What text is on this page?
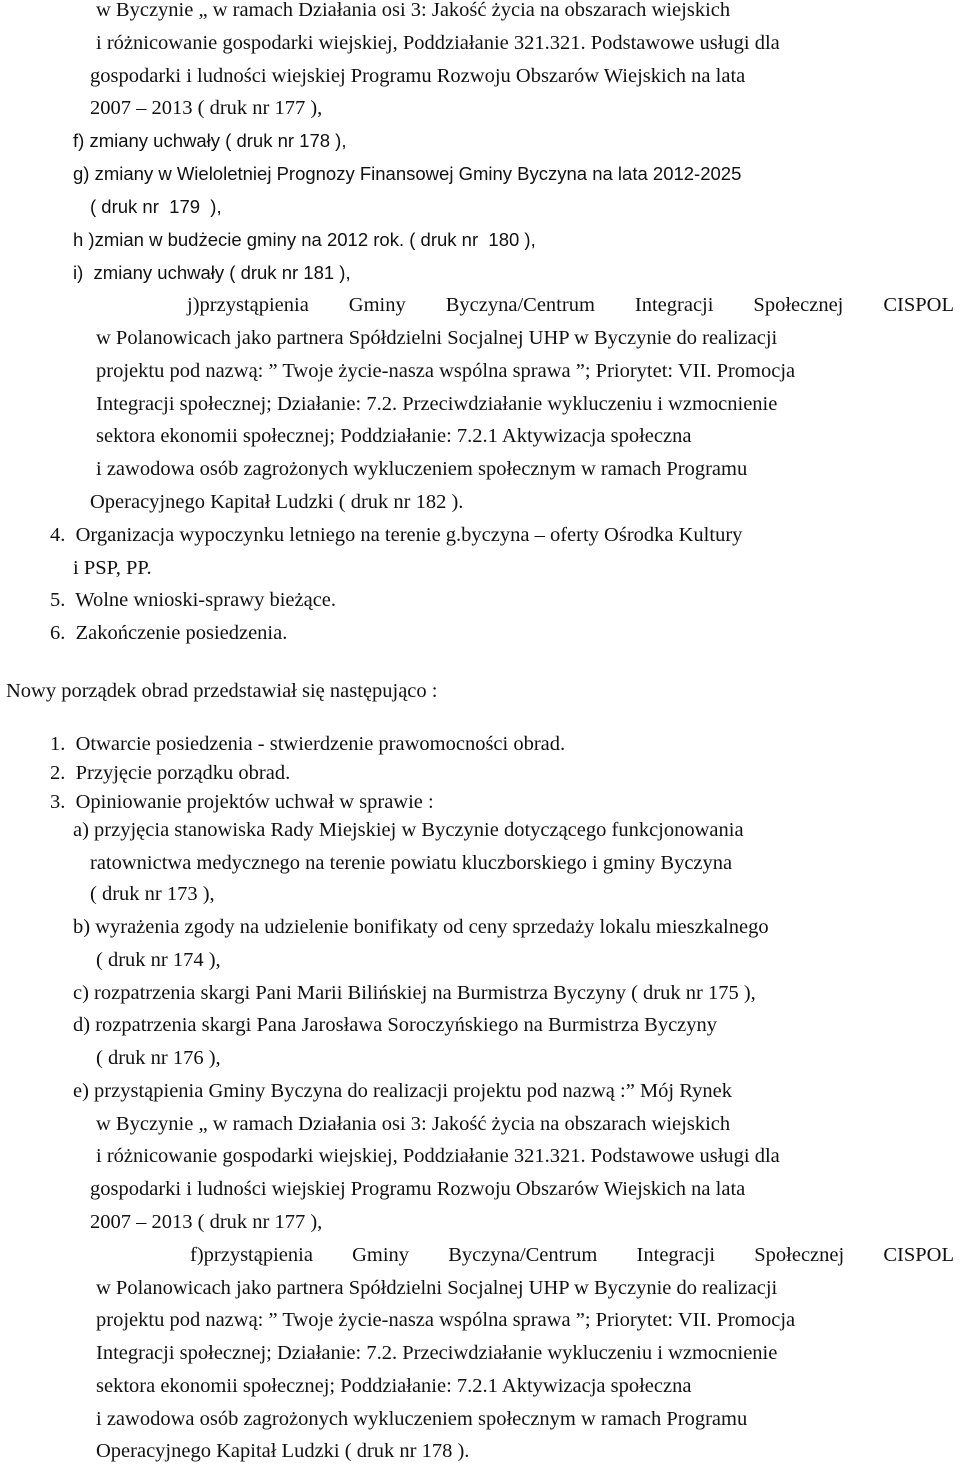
w Byczynie „ w ramach Działania osi 3: Jakość życia na obszarach wiejskich
i różnicowanie gospodarki wiejskiej, Poddziałanie 321.321. Podstawowe usługi dla
gospodarki i ludności wiejskiej Programu Rozwoju Obszarów Wiejskich na lata
2007 – 2013 ( druk nr 177 ),
f) zmiany uchwały ( druk nr 178 ),
g) zmiany w Wieloletniej Prognozy Finansowej Gminy Byczyna na lata 2012-2025
( druk nr  179  ),
h )zmian w budżecie gminy na 2012 rok. ( druk nr  180 ),
i)  zmiany uchwały ( druk nr 181 ),
j)przystąpienia Gminy Byczyna/Centrum Integracji Społecznej CISPOL
w Polanowicach jako partnera Spółdzielni Socjalnej UHP w Byczynie do realizacji
projektu pod nazwą: ” Twoje życie-nasza wspólna sprawa ”; Priorytet: VII. Promocja
Integracji społecznej; Działanie: 7.2. Przeciwdziałanie wykluczeniu i wzmocnienie
sektora ekonomii społecznej; Poddziałanie: 7.2.1 Aktywizacja społeczna
i zawodowa osób zagrożonych wykluczeniem społecznym w ramach Programu
Operacyjnego Kapitał Ludzki ( druk nr 182 ).
4.  Organizacja wypoczynku letniego na terenie g.byczyna – oferty Ośrodka Kultury
i PSP, PP.
5.  Wolne wnioski-sprawy bieżące.
6.  Zakończenie posiedzenia.
Nowy porządek obrad przedstawiał się następująco :
1.  Otwarcie posiedzenia - stwierdzenie prawomocności obrad.
2.  Przyjęcie porządku obrad.
3.  Opiniowanie projektów uchwał w sprawie :
a) przyjęcia stanowiska Rady Miejskiej w Byczynie dotyczącego funkcjonowania
ratownictwa medycznego na terenie powiatu kluczborskiego i gminy Byczyna
( druk nr 173 ),
b) wyrażenia zgody na udzielenie bonifikaty od ceny sprzedaży lokalu mieszkalnego
( druk nr 174 ),
c) rozpatrzenia skargi Pani Marii Bilińskiej na Burmistrza Byczyny ( druk nr 175 ),
d) rozpatrzenia skargi Pana Jarosława Soroczyńskiego na Burmistrza Byczyny
( druk nr 176 ),
e) przystąpienia Gminy Byczyna do realizacji projektu pod nazwą :” Mój Rynek
w Byczynie „ w ramach Działania osi 3: Jakość życia na obszarach wiejskich
i różnicowanie gospodarki wiejskiej, Poddziałanie 321.321. Podstawowe usługi dla
gospodarki i ludności wiejskiej Programu Rozwoju Obszarów Wiejskich na lata
2007 – 2013 ( druk nr 177 ),
f)przystąpienia Gminy Byczyna/Centrum Integracji Społecznej CISPOL
w Polanowicach jako partnera Spółdzielni Socjalnej UHP w Byczynie do realizacji
projektu pod nazwą: ” Twoje życie-nasza wspólna sprawa ”; Priorytet: VII. Promocja
Integracji społecznej; Działanie: 7.2. Przeciwdziałanie wykluczeniu i wzmocnienie
sektora ekonomii społecznej; Poddziałanie: 7.2.1 Aktywizacja społeczna
i zawodowa osób zagrożonych wykluczeniem społecznym w ramach Programu
Operacyjnego Kapitał Ludzki ( druk nr 178 ).
